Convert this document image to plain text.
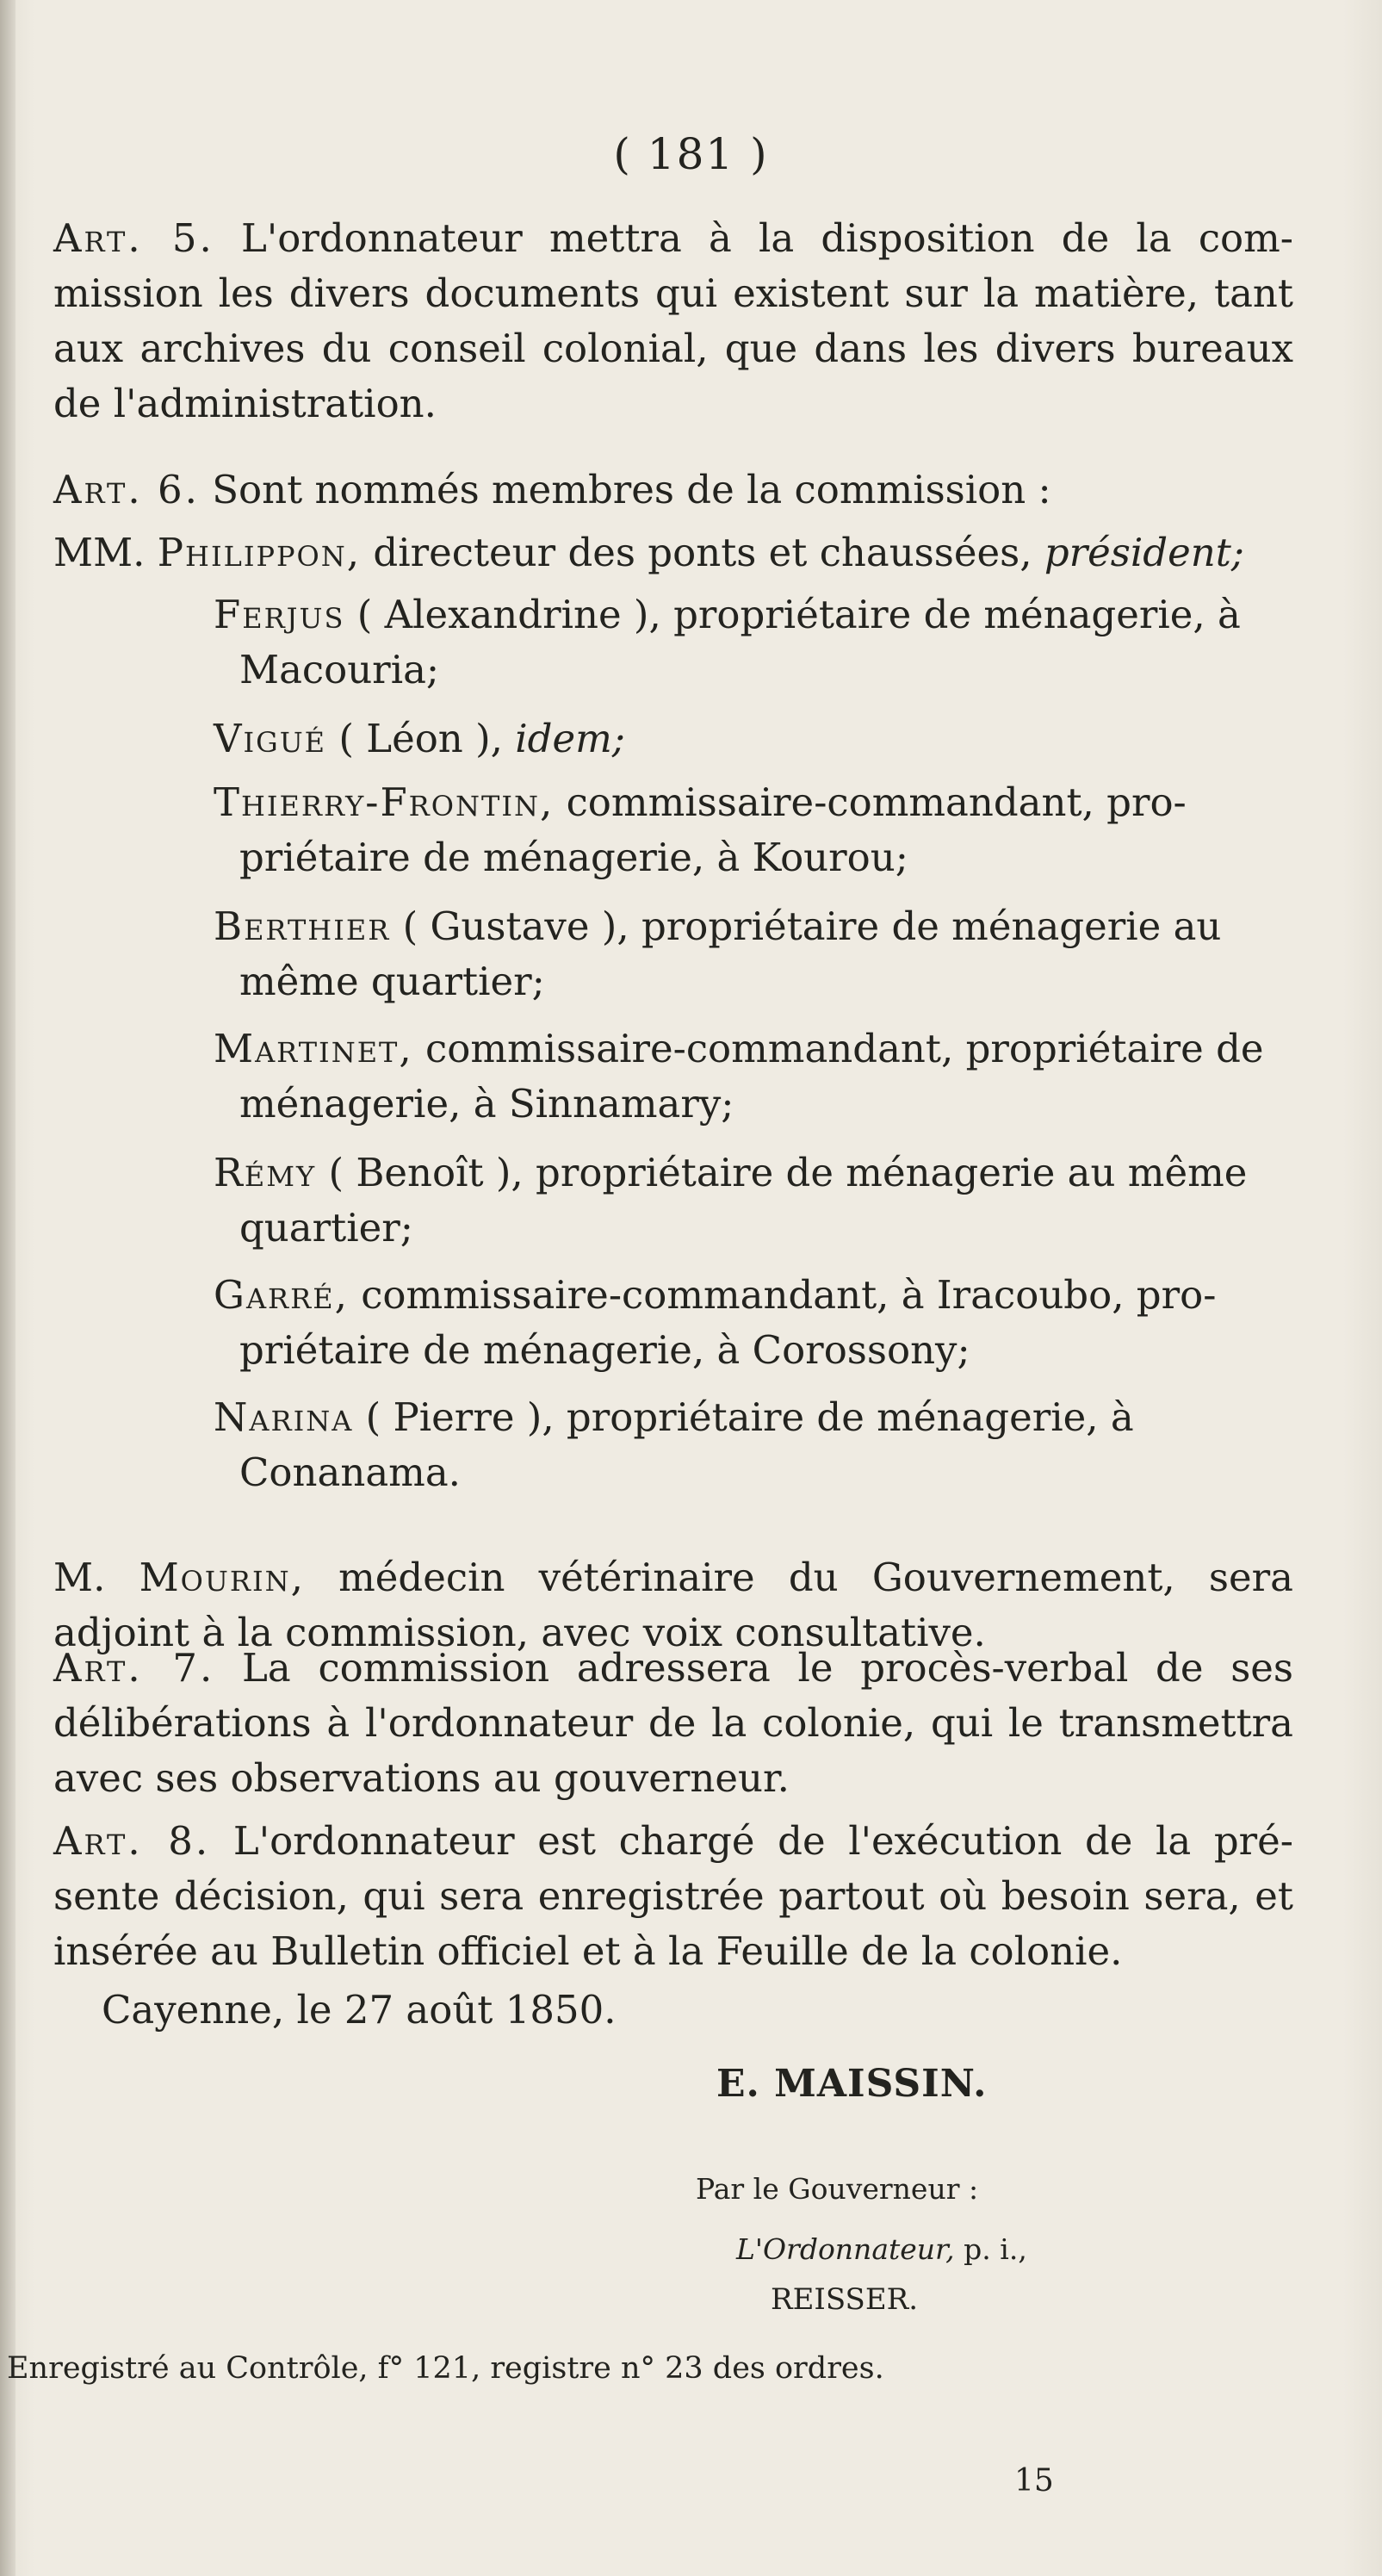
( 181 )

Art. 5. L'ordonnateur mettra à la disposition de la com-mission les divers documents qui existent sur la matière, tant aux archives du conseil colonial, que dans les divers bureaux de l'administration.

Art. 6. Sont nommés membres de la commission :

MM. Philippon, directeur des ponts et chaussées, président;

Ferjus ( Alexandrine ), propriétaire de ménagerie, à Macouria;

Vigué ( Léon ), idem;

Thierry-Frontin, commissaire-commandant, pro-priétaire de ménagerie, à Kourou;

Berthier ( Gustave ), propriétaire de ménagerie au même quartier;

Martinet, commissaire-commandant, propriétaire de ménagerie, à Sinnamary;

Rémy ( Benoît ), propriétaire de ménagerie au même quartier;

Garré, commissaire-commandant, à Iracoubo, pro-priétaire de ménagerie, à Corossony;

Narina ( Pierre ), propriétaire de ménagerie, à Conanama.

M. Mourin, médecin vétérinaire du Gouvernement, sera adjoint à la commission, avec voix consultative.

Art. 7. La commission adressera le procès-verbal de ses délibérations à l'ordonnateur de la colonie, qui le transmettra avec ses observations au gouverneur.

Art. 8. L'ordonnateur est chargé de l'exécution de la pré-sente décision, qui sera enregistrée partout où besoin sera, et insérée au Bulletin officiel et à la Feuille de la colonie.

Cayenne, le 27 août 1850.

E. MAISSIN.
Par le Gouverneur :
L'Ordonnateur, p. i.,
REISSER.
Enregistré au Contrôle, f° 121, registre n° 23 des ordres.
15
